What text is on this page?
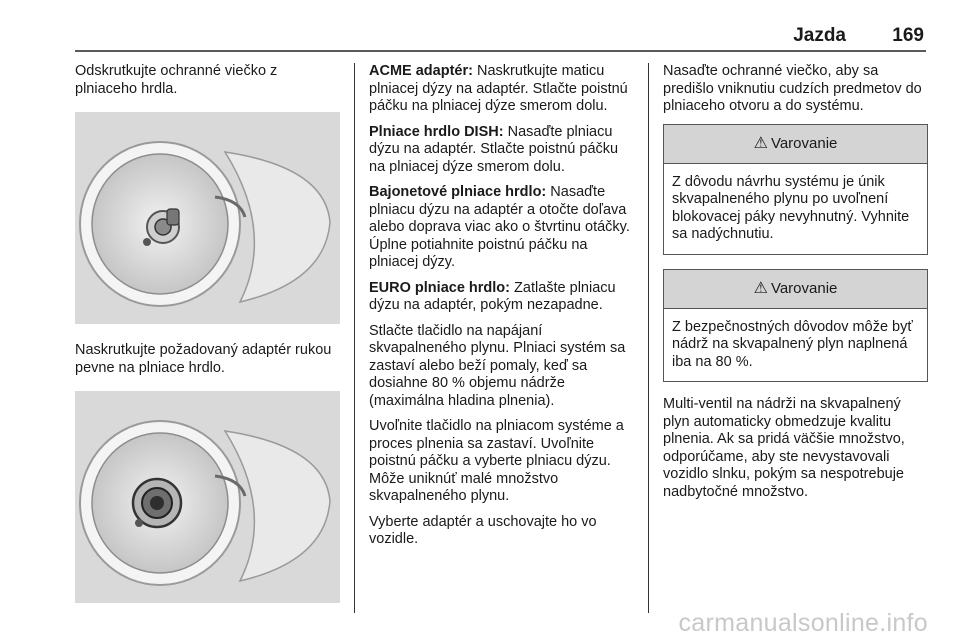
Jazda 169

Odskrutkujte ochranné viečko z plniaceho hrdla.

Naskrutkujte požadovaný adaptér rukou pevne na plniace hrdlo.

ACME adaptér: Naskrutkujte maticu plniacej dýzy na adaptér. Stlačte poistnú páčku na plniacej dýze smerom dolu.

Plniace hrdlo DISH: Nasaďte plniacu dýzu na adaptér. Stlačte poistnú páčku na plniacej dýze smerom dolu.

Bajonetové plniace hrdlo: Nasaďte plniacu dýzu na adaptér a otočte doľava alebo doprava viac ako o štvrtinu otáčky. Úplne potiahnite poistnú páčku na plniacej dýzy.

EURO plniace hrdlo: Zatlašte plniacu dýzu na adaptér, pokým nezapadne.

Stlačte tlačidlo na napájaní skvapalneného plynu. Plniaci systém sa zastaví alebo beží pomaly, keď sa dosiahne 80 % objemu nádrže (maximálna hladina plnenia).

Uvoľnite tlačidlo na plniacom systéme a proces plnenia sa zastaví. Uvoľnite poistnú páčku a vyberte plniacu dýzu. Môže uniknúť malé množstvo skvapalneného plynu.

Vyberte adaptér a uschovajte ho vo vozidle.

Nasaďte ochranné viečko, aby sa predišlo vniknutiu cudzích predmetov do plniaceho otvoru a do systému.

⚠ Varovanie
Z dôvodu návrhu systému je únik skvapalneného plynu po uvoľnení blokovacej páky nevyhnutný. Vyhnite sa nadýchnutiu.
⚠ Varovanie
Z bezpečnostných dôvodov môže byť nádrž na skvapalnený plyn naplnená iba na 80 %.

Multi-ventil na nádrži na skvapalnený plyn automaticky obmedzuje kvalitu plnenia. Ak sa pridá väčšie množstvo, odporúčame, aby ste nevystavovali vozidlo slnku, pokým sa nespotrebuje nadbytočné množstvo.

carmanualsonline.info
